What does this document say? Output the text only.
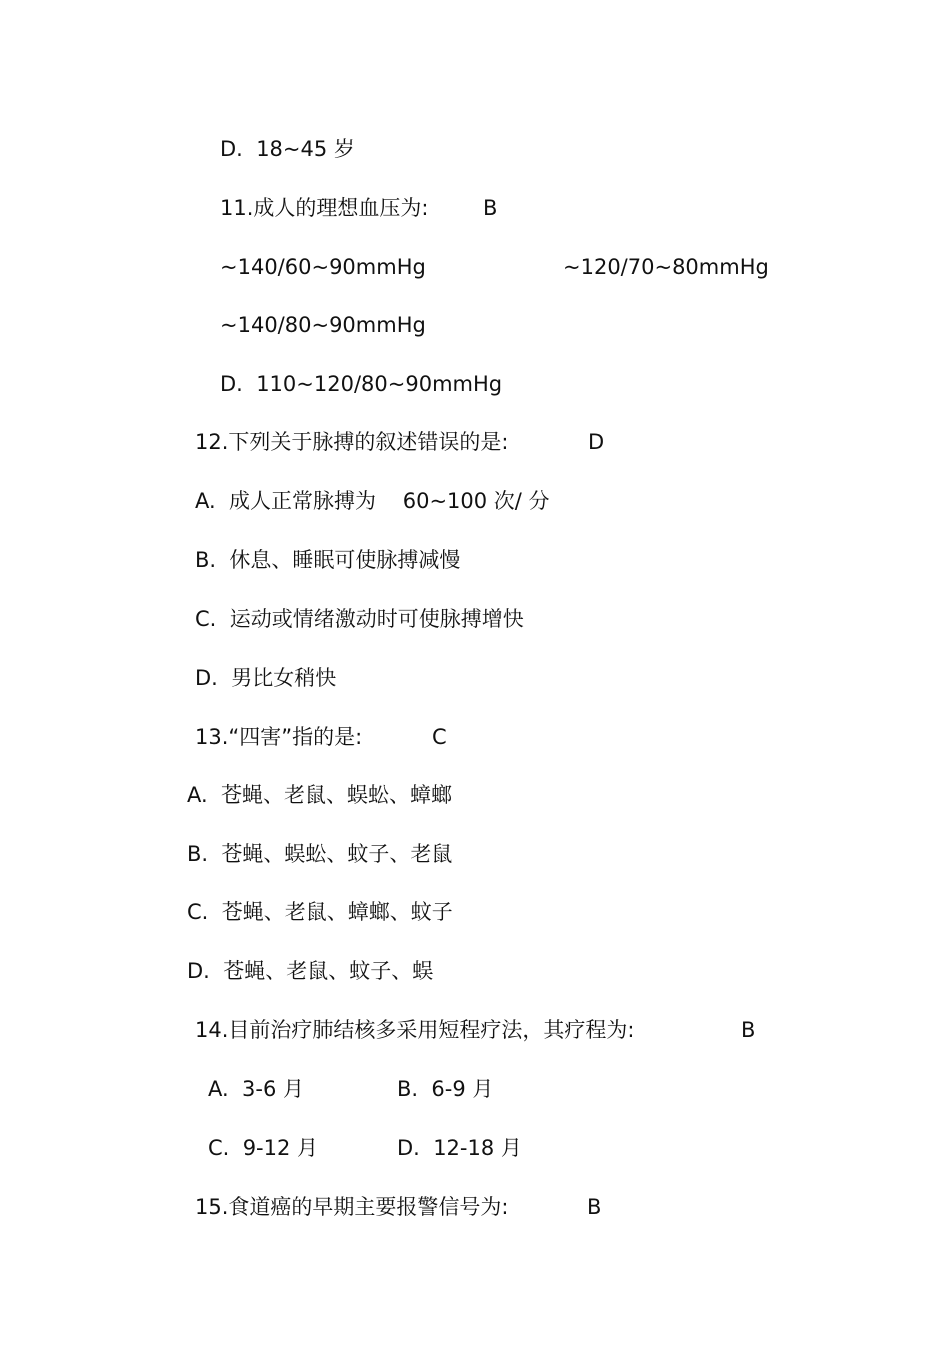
D.  18~45 岁
11.成人的理想血压为:	B
~140/60~90mmHg	~120/70~80mmHg
~140/80~90mmHg
D.  110~120/80~90mmHg
12.下列关于脉搏的叙述错误的是:	D
A.  成人正常脉搏为    60~100 次/ 分
B.  休息、睡眠可使脉搏减慢
C.  运动或情绪激动时可使脉搏增快
D.  男比女稍快
13.“四害”指的是:	C
A.  苍蝇、老鼠、蜈蚣、蟑螂
B.  苍蝇、蜈蚣、蚊子、老鼠
C.  苍蝇、老鼠、蟑螂、蚊子
D.  苍蝇、老鼠、蚊子、蜈
14.目前治疗肺结核多采用短程疗法，其疗程为:	B
A.  3-6 月	B.  6-9 月
C.  9-12 月	D.  12-18 月
15.食道癌的早期主要报警信号为:	B
